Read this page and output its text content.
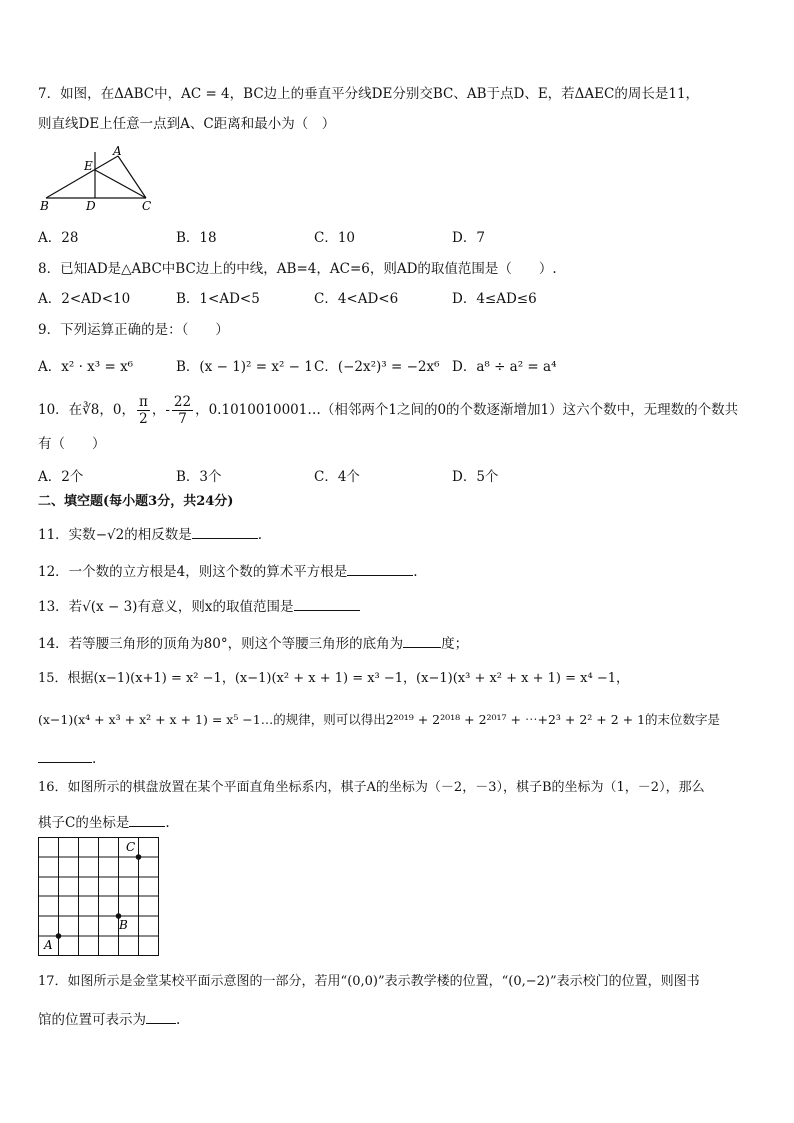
7．如图，在ΔABC中，AC = 4，BC边上的垂直平分线DE分别交BC、AB于点D、E，若ΔAEC的周长是11，
则直线DE上任意一点到A、C距离和最小为（　）
A
E
B	D	C
A．28	B．18	C．10	D．7
8．已知AD是△ABC中BC边上的中线，AB=4，AC=6，则AD的取值范围是（　　）.
A．2<AD<10	B．1<AD<5	C．4<AD<6	D．4≤AD≤6
9．下列运算正确的是：（　　）
A．x² · x³ = x⁶	B．(x − 1)² = x² − 1 C．(−2x²)³ = −2x⁶ D．a⁸ ÷ a² = a⁴
10．在∛8，0， $\frac{\pi}{2}$ ，- $\frac{22}{7}$ ，0.1010010001…（相邻两个1之间的0的个数逐渐增加1）这六个数中，无理数的个数共
有（　　）
A．2个	B．3个	C．4个	D．5个
二、填空题(每小题3分，共24分)
11．实数−√2的相反数是	.
12．一个数的立方根是4，则这个数的算术平方根是	.
13．若√(x − 3)有意义，则x的取值范围是
14．若等腰三角形的顶角为80°，则这个等腰三角形的底角为	度；
15．根据(x−1)(x+1) = x² −1，(x−1)(x² + x + 1) = x³ −1，(x−1)(x³ + x² + x + 1) = x⁴ −1，
(x−1)(x⁴ + x³ + x² + x + 1) = x⁵ −1…的规律，则可以得出2²⁰¹⁹ + 2²⁰¹⁸ + 2²⁰¹⁷ + ⋯+2³ + 2² + 2 + 1的末位数字是
.
16．如图所示的棋盘放置在某个平面直角坐标系内，棋子A的坐标为（－2，－3），棋子B的坐标为（1，－2），那么
棋子C的坐标是	.
C
B
A
17．如图所示是金堂某校平面示意图的一部分，若用“(0,0)”表示教学楼的位置，“(0,−2)”表示校门的位置，则图书
馆的位置可表示为 .
